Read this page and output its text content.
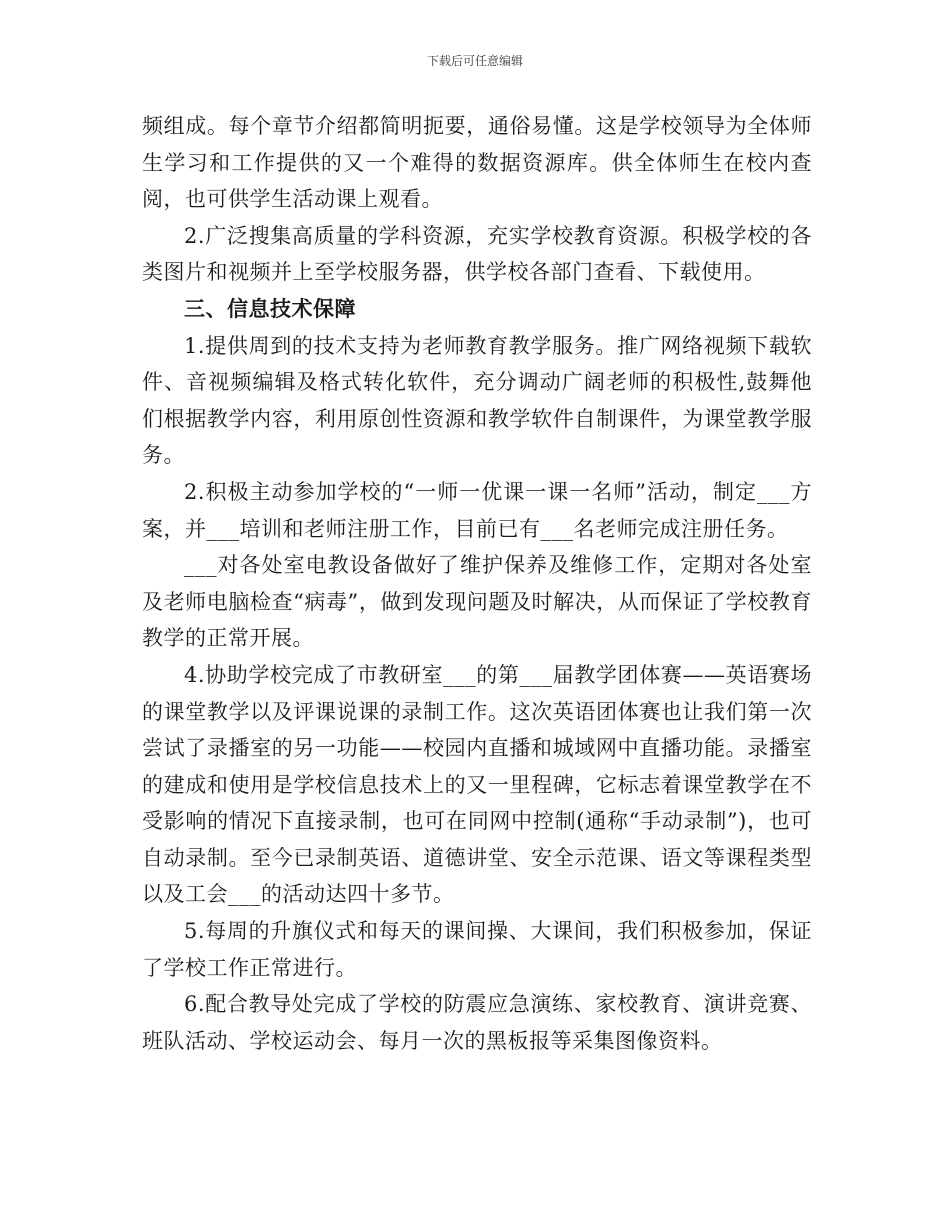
下载后可任意编辑

频组成。每个章节介绍都简明扼要，通俗易懂。这是学校领导为全体师生学习和工作提供的又一个难得的数据资源库。供全体师生在校内查阅，也可供学生活动课上观看。

2.广泛搜集高质量的学科资源，充实学校教育资源。积极学校的各类图片和视频并上至学校服务器，供学校各部门查看、下载使用。

三、信息技术保障

1.提供周到的技术支持为老师教育教学服务。推广网络视频下载软件、音视频编辑及格式转化软件，充分调动广阔老师的积极性,鼓舞他们根据教学内容，利用原创性资源和教学软件自制课件，为课堂教学服务。

2.积极主动参加学校的“一师一优课一课一名师”活动，制定___方案，并___培训和老师注册工作，目前已有___名老师完成注册任务。

___对各处室电教设备做好了维护保养及维修工作，定期对各处室及老师电脑检查“病毒”，做到发现问题及时解决，从而保证了学校教育教学的正常开展。

4.协助学校完成了市教研室___的第___届教学团体赛——英语赛场的课堂教学以及评课说课的录制工作。这次英语团体赛也让我们第一次尝试了录播室的另一功能——校园内直播和城域网中直播功能。录播室的建成和使用是学校信息技术上的又一里程碑，它标志着课堂教学在不受影响的情况下直接录制，也可在同网中控制(通称“手动录制”)，也可自动录制。至今已录制英语、道德讲堂、安全示范课、语文等课程类型以及工会___的活动达四十多节。

5.每周的升旗仪式和每天的课间操、大课间，我们积极参加，保证了学校工作正常进行。

6.配合教导处完成了学校的防震应急演练、家校教育、演讲竞赛、班队活动、学校运动会、每月一次的黑板报等采集图像资料。
